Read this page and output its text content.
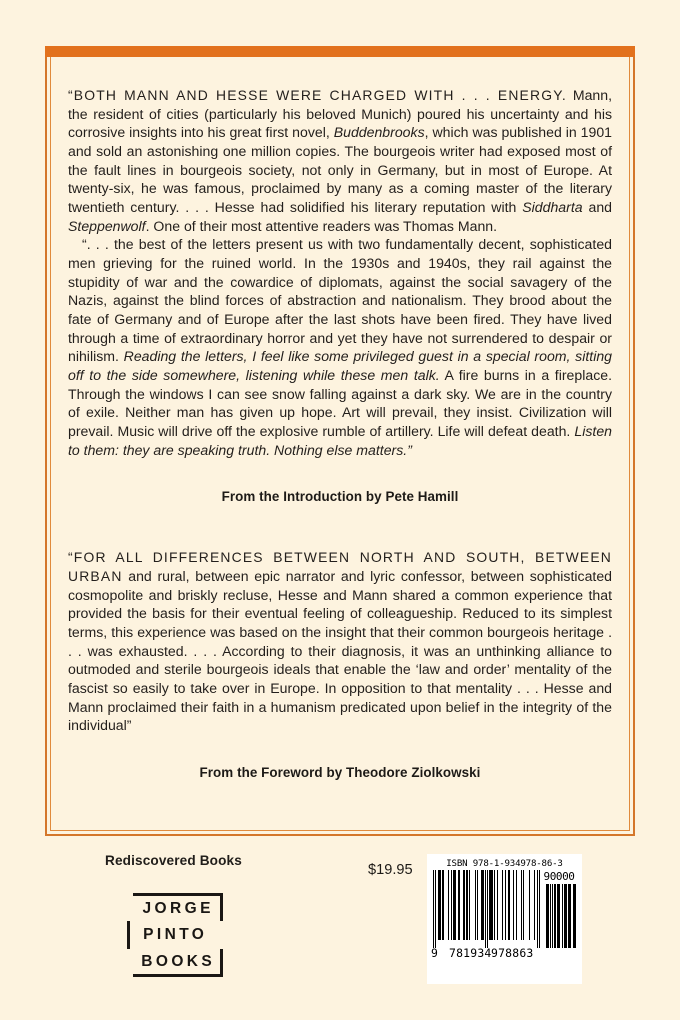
“BOTH MANN AND HESSE WERE CHARGED WITH . . . ENERGY. Mann, the resident of cities (particularly his beloved Munich) poured his uncertainty and his corrosive insights into his great first novel, Buddenbrooks, which was published in 1901 and sold an astonishing one million copies. The bourgeois writer had exposed most of the fault lines in bourgeois society, not only in Germany, but in most of Europe. At twenty-six, he was famous, proclaimed by many as a coming master of the literary twentieth century. . . . Hesse had solidified his literary reputation with Siddharta and Steppenwolf. One of their most attentive readers was Thomas Mann.

“. . . the best of the letters present us with two fundamentally decent, sophisticated men grieving for the ruined world. In the 1930s and 1940s, they rail against the stupidity of war and the cowardice of diplomats, against the social savagery of the Nazis, against the blind forces of abstraction and nationalism. They brood about the fate of Germany and of Europe after the last shots have been fired. They have lived through a time of extraordinary horror and yet they have not surrendered to despair or nihilism. Reading the letters, I feel like some privileged guest in a special room, sitting off to the side somewhere, listening while these men talk. A fire burns in a fireplace. Through the windows I can see snow falling against a dark sky. We are in the country of exile. Neither man has given up hope. Art will prevail, they insist. Civilization will prevail. Music will drive off the explosive rumble of artillery. Life will defeat death. Listen to them: they are speaking truth. Nothing else matters.”

From the Introduction by Pete Hamill

“FOR ALL DIFFERENCES BETWEEN NORTH AND SOUTH, BETWEEN URBAN and rural, between epic narrator and lyric confessor, between sophisticated cosmopolite and briskly recluse, Hesse and Mann shared a common experience that provided the basis for their eventual feeling of colleagueship. Reduced to its simplest terms, this experience was based on the insight that their common bourgeois heritage . . . was exhausted. . . . According to their diagnosis, it was an unthinking alliance to outmoded and sterile bourgeois ideals that enable the ‘law and order’ mentality of the fascist so easily to take over in Europe. In opposition to that mentality . . . Hesse and Mann proclaimed their faith in a humanism predicated upon belief in the integrity of the individual”

From the Foreword by Theodore Ziolkowski
Rediscovered Books
JORGE
PINTO
BOOKS
$19.95	ISBN 978-1-934978-86-3
90000
9 781934 978863
